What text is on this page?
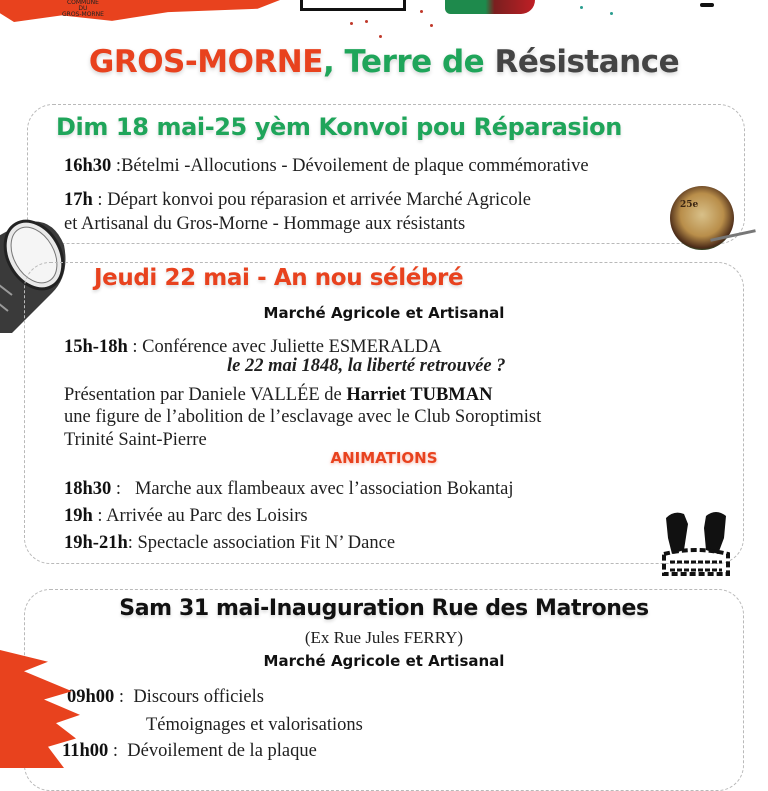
COMMUNE
DU
GROS-MORNE
GROS-MORNE, Terre de Résistance
Dim 18 mai-25 yèm Konvoi pou Réparasion
16h30 :Bételmi -Allocutions - Dévoilement de plaque commémorative
17h : Départ konvoi pou réparasion et arrivée Marché Agricole
et Artisanal du Gros-Morne - Hommage aux résistants
25e
Jeudi 22 mai - An nou sélébré
Marché Agricole et Artisanal
15h-18h : Conférence avec Juliette ESMERALDA
le 22 mai 1848, la liberté retrouvée ?
Présentation par Daniele VALLÉE de Harriet TUBMAN
une figure de l’abolition de l’esclavage avec le Club Soroptimist
Trinité Saint-Pierre
ANIMATIONS
18h30 :   Marche aux flambeaux avec l’association Bokantaj
19h : Arrivée au Parc des Loisirs
19h-21h: Spectacle association Fit N’ Dance
Sam 31 mai-Inauguration Rue des Matrones
(Ex Rue Jules FERRY)
Marché Agricole et Artisanal
09h00 :  Discours officiels
Témoignages et valorisations
11h00 :  Dévoilement de la plaque
